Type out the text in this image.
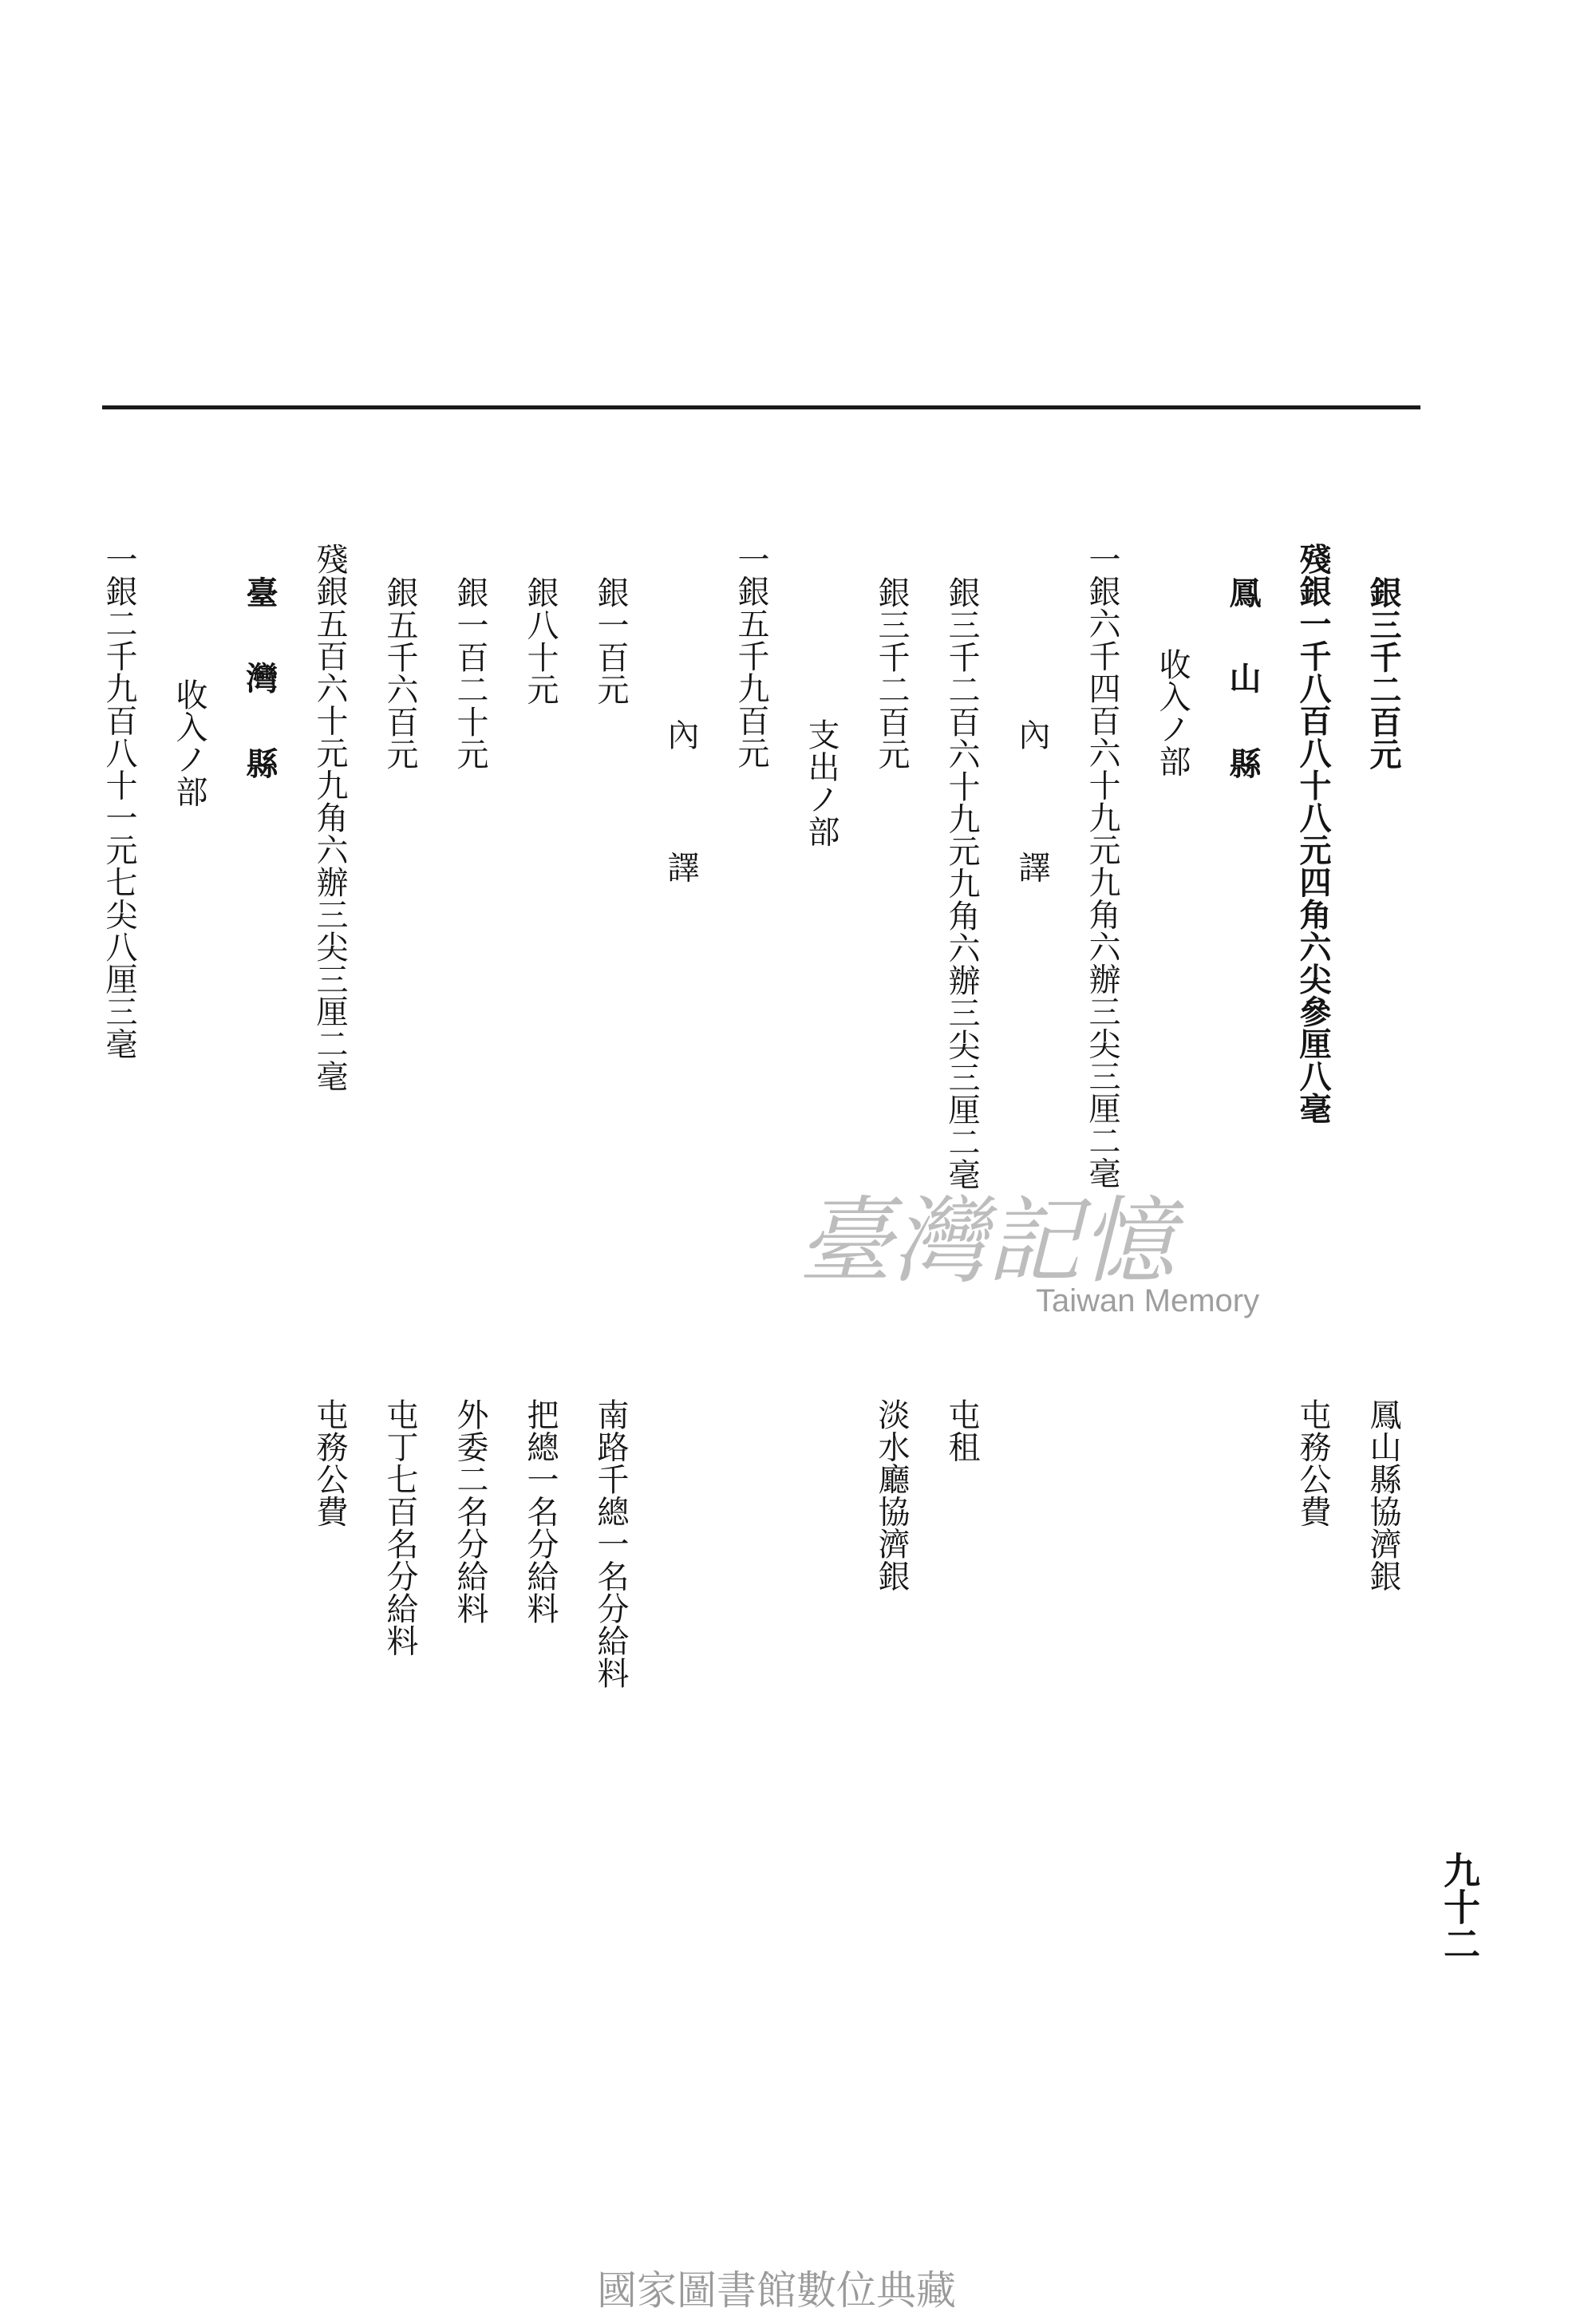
銀三千二百元
鳳山縣協濟銀
殘銀一千八百八十八元四角六尖參厘八毫
屯務公費
鳳 山 縣
收入ノ部
一銀六千四百六十九元九角六辦三尖三厘二毫
內 譯
銀三千二百六十九元九角六辦三尖三厘二毫
屯租
銀三千二百元
淡水廳協濟銀
支出ノ部
一銀五千九百元
內 譯
銀一百元
南路千總一名分給料
銀八十元
把總一名分給料
銀一百二十元
外委二名分給料
銀五千六百元
屯丁七百名分給料
殘銀五百六十元九角六辦三尖三厘二毫
屯務公費
臺 灣 縣
收入ノ部
一銀二千九百八十一元七尖八厘三毫
九十二
臺灣記憶
Taiwan Memory
國家圖書館數位典藏
